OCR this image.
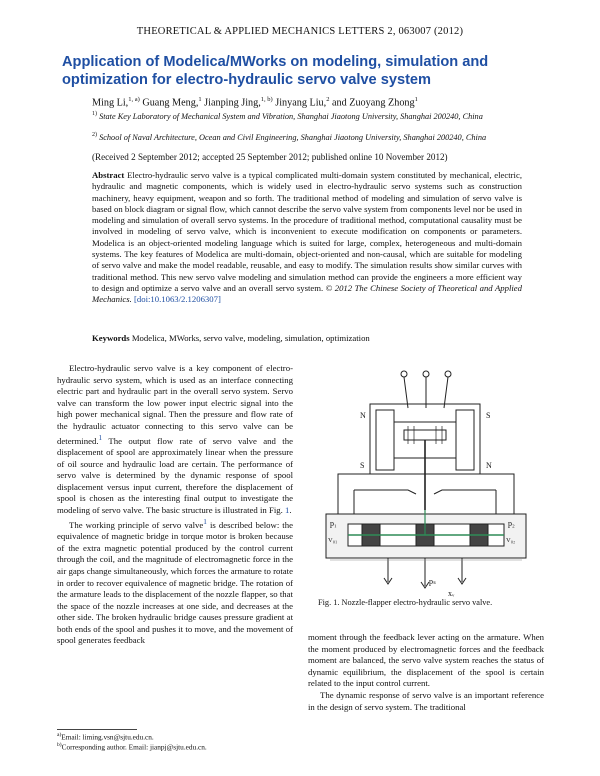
THEORETICAL & APPLIED MECHANICS LETTERS 2, 063007 (2012)
Application of Modelica/MWorks on modeling, simulation and optimization for electro-hydraulic servo valve system
Ming Li,$^{1, a)}$ Guang Meng,$^1$ Jianping Jing,$^{1, b)}$ Jinyang Liu,$^2$ and Zuoyang Zhong$^1$
$^{1)}$ State Key Laboratory of Mechanical System and Vibration, Shanghai Jiaotong University, Shanghai 200240, China
$^{2)}$ School of Naval Architecture, Ocean and Civil Engineering, Shanghai Jiaotong University, Shanghai 200240, China
(Received 2 September 2012; accepted 25 September 2012; published online 10 November 2012)
Abstract Electro-hydraulic servo valve is a typical complicated multi-domain system constituted by mechanical, electric, hydraulic and magnetic components, which is widely used in electro-hydraulic servo systems such as construction machinery, heavy equipment, weapon and so forth. The traditional method of modeling and simulation of servo valve is based on block diagram or signal flow, which cannot describe the servo valve system from components level nor be used in modeling and simulation of overall servo systems. In the procedure of traditional method, computational causality must be involved in modeling of servo valve, which is inconvenient to execute modification on components or parameters. Modelica is an object-oriented modeling language which is suited for large, complex, heterogeneous and multi-domain systems. The key features of Modelica are multi-domain, object-oriented and non-causal, which are suitable for modeling of servo valve and make the model readable, reusable, and easy to modify. The simulation results show similar curves with traditional method. This new servo valve modeling and simulation method can provide the engineers a more efficient way to design and optimize a servo valve and an overall servo system. © 2012 The Chinese Society of Theoretical and Applied Mechanics. [doi:10.1063/2.1206307]
Keywords Modelica, MWorks, servo valve, modeling, simulation, optimization

Electro-hydraulic servo valve is a key component of electro-hydraulic servo system, which is used as an interface connecting electric part and hydraulic part in the overall servo system. Servo valve can transform the low power input electric signal into the high power mechanical signal. Then the pressure and flow rate of the hydraulic actuator connecting to this servo valve can be determined.$^1$ The output flow rate of servo valve and the displacement of spool are approximately linear when the pressure of oil source and hydraulic load are certain. The performance of servo valve is determined by the dynamic response of spool displacement versus input current, therefore the displacement of spool is chosen as the interesting final output to investigate the modeling of servo valve. The basic structure is illustrated in Fig. 1.

The working principle of servo valve$^1$ is described below: the equivalence of magnetic bridge in torque motor is broken because of the extra magnetic potential produced by the control current through the coil, and the magnitude of electromagnetic force in the air gaps change simultaneously, which forces the armature to rotate in order to recover equivalence of magnetic bridge. The rotation of the armature leads to the displacement of the nozzle flapper, so that the space of the nozzle increases at one side, and decreases at the other side. The broken hydraulic bridge causes pressure gradient at both ends of the spool and pushes it to move, and the movement of spool generates feedback	moment through the feedback lever acting on the armature. When the moment produced by electromagnetic forces and the feedback moment are balanced, the servo valve system reaches the status of dynamic equilibrium, the displacement of the spool is certain related to the input control current.

The dynamic response of servo valve is an important reference in the design of servo system. The traditional

N	S
S	N
p₁
V₀₁
p₂
V₀₂
pₛ
xᵥ
Fig. 1. Nozzle-flapper electro-hydraulic servo valve.
$^{a)}$Email: liming.vsn@sjtu.edu.cn.
$^{b)}$Corresponding author. Email: jianpj@sjtu.edu.cn.
